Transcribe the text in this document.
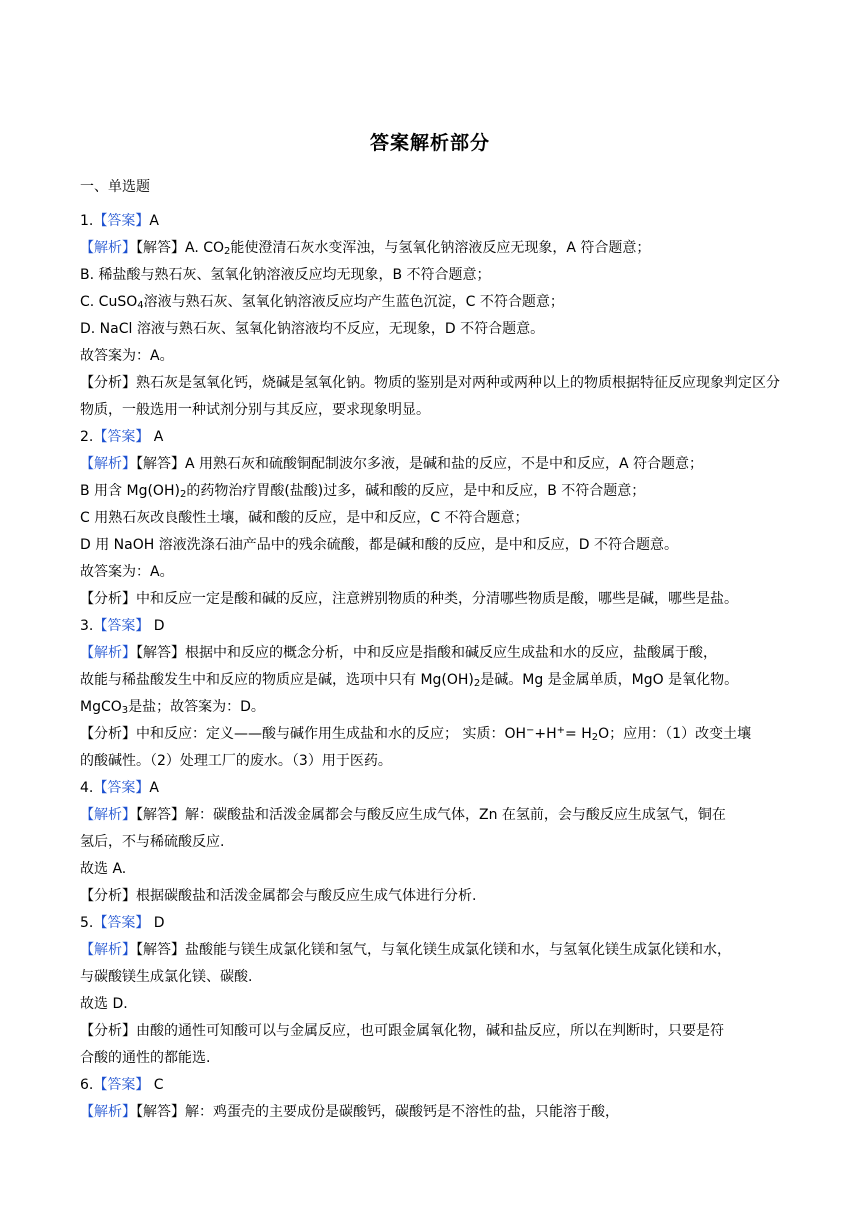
答案解析部分
一、单选题
1.【答案】A
【解析】【解答】A. $CO_2$能使澄清石灰水变浑浊，与氢氧化钠溶液反应无现象，A 符合题意；
B. 稀盐酸与熟石灰、氢氧化钠溶液反应均无现象，B 不符合题意；
C. CuSO$_4$溶液与熟石灰、氢氧化钠溶液反应均产生蓝色沉淀，C 不符合题意；
D. NaCl 溶液与熟石灰、氢氧化钠溶液均不反应，无现象，D 不符合题意。
故答案为：A。
【分析】熟石灰是氢氧化钙，烧碱是氢氧化钠。物质的鉴别是对两种或两种以上的物质根据特征反应现象判定区分物质，一般选用一种试剂分别与其反应，要求现象明显。
2.【答案】 A
【解析】【解答】A 用熟石灰和硫酸铜配制波尔多液，是碱和盐的反应，不是中和反应，A 符合题意；
B 用含 $Mg(OH)_2$的药物治疗胃酸(盐酸)过多，碱和酸的反应，是中和反应，B 不符合题意；
C 用熟石灰改良酸性土壤，碱和酸的反应，是中和反应，C 不符合题意；
D 用 NaOH 溶液洗涤石油产品中的残余硫酸，都是碱和酸的反应，是中和反应，D 不符合题意。
故答案为：A。
【分析】中和反应一定是酸和碱的反应，注意辨别物质的种类，分清哪些物质是酸，哪些是碱，哪些是盐。
3.【答案】 D
【解析】【解答】根据中和反应的概念分析，中和反应是指酸和碱反应生成盐和水的反应，盐酸属于酸，
故能与稀盐酸发生中和反应的物质应是碱，选项中只有 $Mg(OH)_2$是碱。Mg 是金属单质，MgO 是氧化物。
MgCO$_3$是盐；故答案为：D。
【分析】中和反应：定义——酸与碱作用生成盐和水的反应； 实质：$OH^-+H^+= H_2O$；应用：（1）改变土壤
的酸碱性。（2）处理工厂的废水。（3）用于医药。
4.【答案】A
【解析】【解答】解：碳酸盐和活泼金属都会与酸反应生成气体，Zn 在氢前，会与酸反应生成氢气，铜在
氢后，不与稀硫酸反应.
故选 A.
【分析】根据碳酸盐和活泼金属都会与酸反应生成气体进行分析.
5.【答案】 D
【解析】【解答】盐酸能与镁生成氯化镁和氢气，与氧化镁生成氯化镁和水，与氢氧化镁生成氯化镁和水，
与碳酸镁生成氯化镁、碳酸.
故选 D.
【分析】由酸的通性可知酸可以与金属反应，也可跟金属氧化物，碱和盐反应，所以在判断时，只要是符
合酸的通性的都能选.
6.【答案】 C
【解析】【解答】解：鸡蛋壳的主要成份是碳酸钙，碳酸钙是不溶性的盐，只能溶于酸，
